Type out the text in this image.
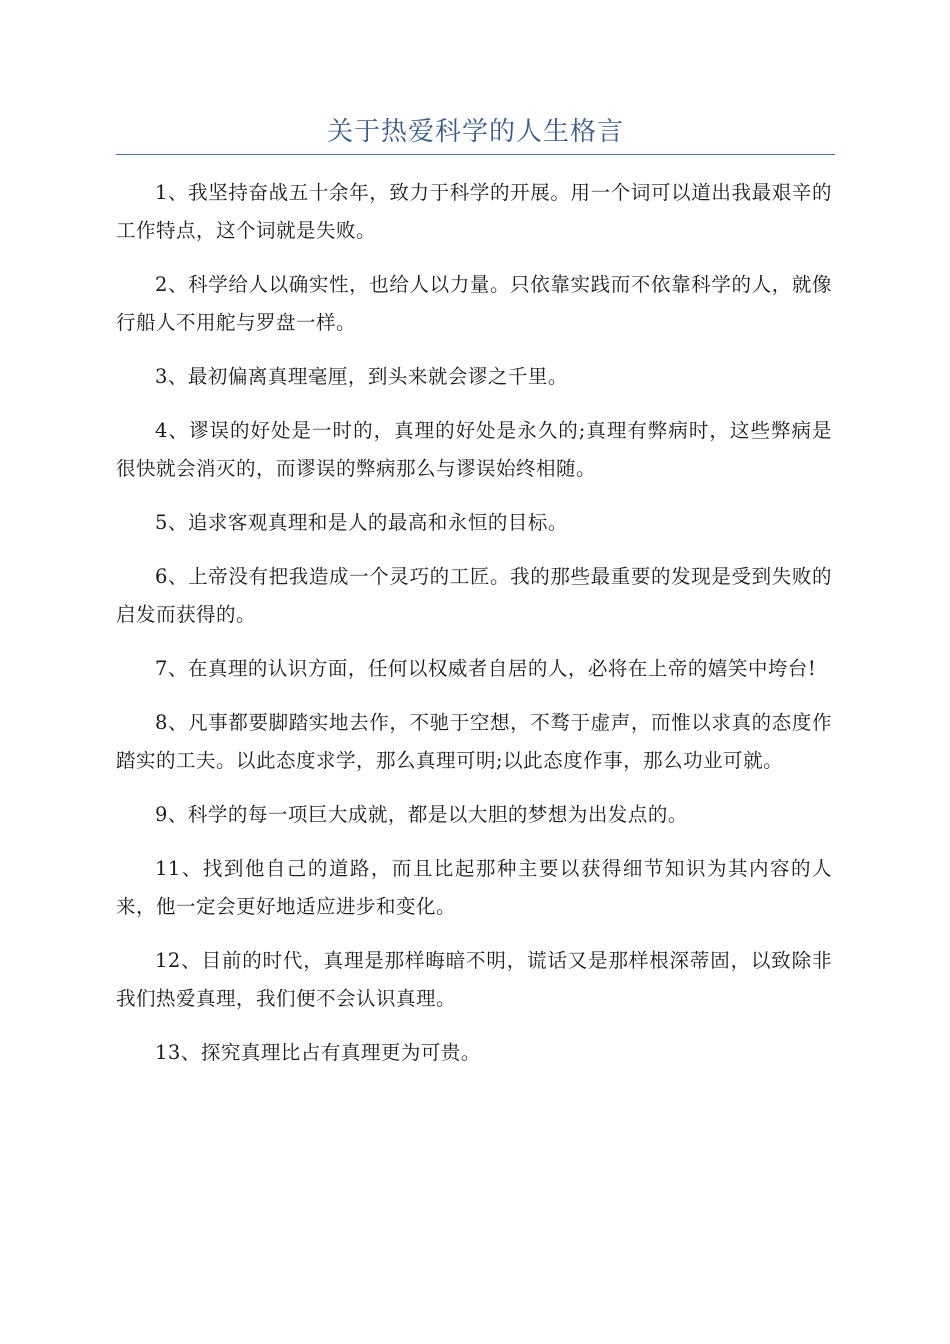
关于热爱科学的人生格言

1、我坚持奋战五十余年，致力于科学的开展。用一个词可以道出我最艰辛的工作特点，这个词就是失败。

2、科学给人以确实性，也给人以力量。只依靠实践而不依靠科学的人，就像行船人不用舵与罗盘一样。

3、最初偏离真理毫厘，到头来就会谬之千里。

4、谬误的好处是一时的，真理的好处是永久的;真理有弊病时，这些弊病是很快就会消灭的，而谬误的弊病那么与谬误始终相随。

5、追求客观真理和是人的最高和永恒的目标。

6、上帝没有把我造成一个灵巧的工匠。我的那些最重要的发现是受到失败的启发而获得的。

7、在真理的认识方面，任何以权威者自居的人，必将在上帝的嬉笑中垮台!

8、凡事都要脚踏实地去作，不驰于空想，不骛于虚声，而惟以求真的态度作踏实的工夫。以此态度求学，那么真理可明;以此态度作事，那么功业可就。

9、科学的每一项巨大成就，都是以大胆的梦想为出发点的。

11、找到他自己的道路，而且比起那种主要以获得细节知识为其内容的人来，他一定会更好地适应进步和变化。

12、目前的时代，真理是那样晦暗不明，谎话又是那样根深蒂固，以致除非我们热爱真理，我们便不会认识真理。

13、探究真理比占有真理更为可贵。
